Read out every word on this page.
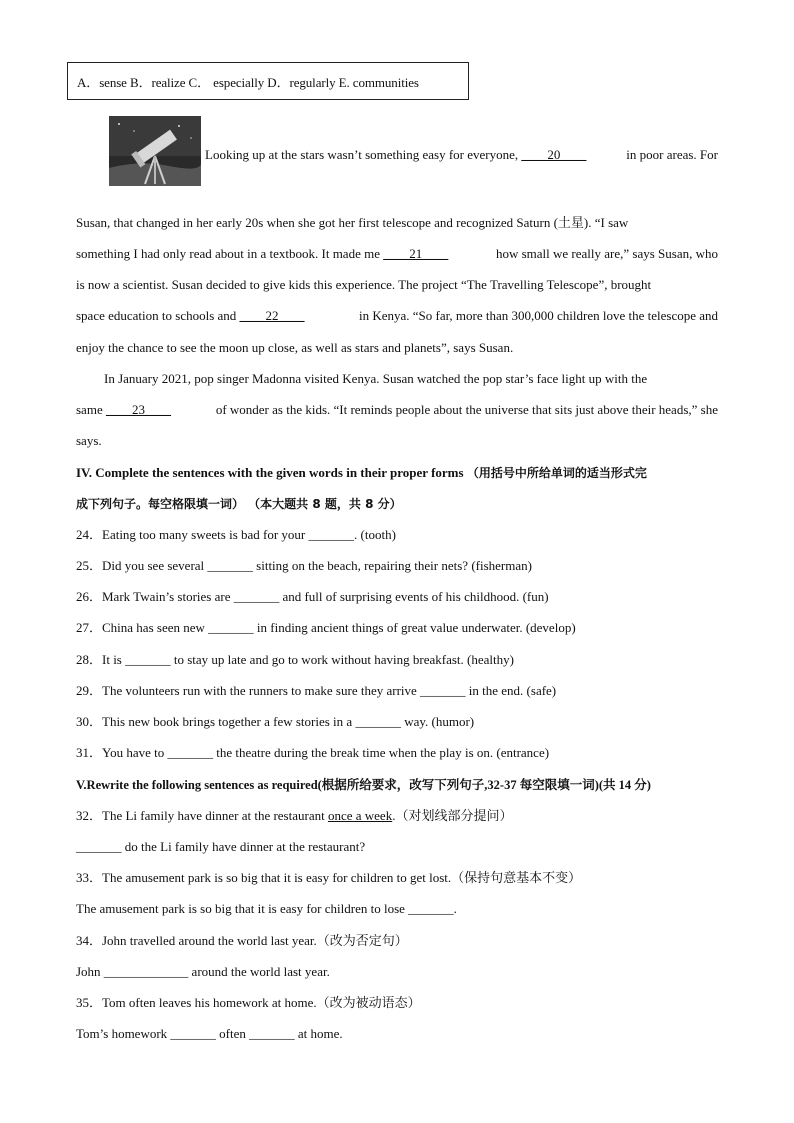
A．sense B．realize C． especially D．regularly E. communities
Looking up at the stars wasn’t something easy for everyone, ____20____	in poor areas. For
Susan, that changed in her early 20s when she got her first telescope and recognized Saturn (土星). “I saw
something I had only read about in a textbook. It made me ____21____	how small we really are,” says Susan, who
is now a scientist. Susan decided to give kids this experience. The project “The Travelling Telescope”, brought
space education to schools and ____22____	in Kenya. “So far, more than 300,000 children love the telescope and
enjoy the chance to see the moon up close, as well as stars and planets”, says Susan.
In January 2021, pop singer Madonna visited Kenya. Susan watched the pop star’s face light up with the
same ____23____	of wonder as the kids. “It reminds people about the universe that sits just above their heads,” she
says.
IV. Complete the sentences with the given words in their proper forms （用括号中所给单词的适当形式完
成下列句子。每空格限填一词） （本大题共 8 题，共 8 分）
24．Eating too many sweets is bad for your _______. (tooth)
25．Did you see several _______ sitting on the beach, repairing their nets? (fisherman)
26．Mark Twain’s stories are _______ and full of surprising events of his childhood. (fun)
27．China has seen new _______ in finding ancient things of great value underwater. (develop)
28．It is _______ to stay up late and go to work without having breakfast. (healthy)
29．The volunteers run with the runners to make sure they arrive _______ in the end. (safe)
30．This new book brings together a few stories in a _______ way. (humor)
31．You have to _______ the theatre during the break time when the play is on. (entrance)
V.Rewrite the following sentences as required(根据所给要求，改写下列句子,32-37 每空限填一词)(共 14 分)
32．The Li family have dinner at the restaurant once a week.（对划线部分提问）
_______ do the Li family have dinner at the restaurant?
33．The amusement park is so big that it is easy for children to get lost.（保持句意基本不变）
The amusement park is so big that it is easy for children to lose _______.
34．John travelled around the world last year.（改为否定句）
John _____________ around the world last year.
35．Tom often leaves his homework at home.（改为被动语态）
Tom’s homework _______ often _______ at home.
